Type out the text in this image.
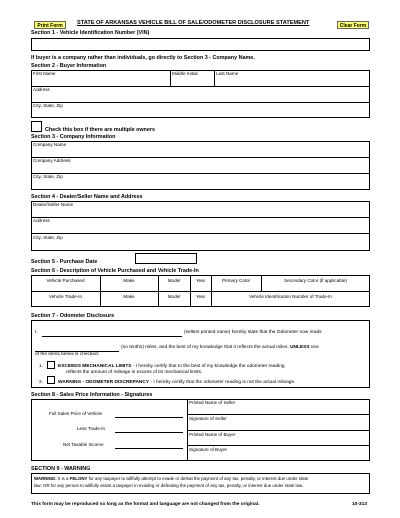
Print Form	STATE OF ARKANSAS VEHICLE BILL OF SALE/ODOMETER DISCLOSURE STATEMENT	Clear Form
Section 1 - Vehicle Identification Number (VIN)
If buyer is a company rather than individuals, go directly to Section 3 - Company Name.
Section 2 - Buyer Information
First Name	Middle Initial	Last Name
Address
City, State, Zip
Check this box if there are multiple owners
Section 3 - Company Information
Company Name
Company Address
City, State, Zip
Section 4 - Dealer/Seller Name and Address
Dealer/Seller Name
Address
City, State, Zip
Section 5 - Purchase Date
Section 6 - Description of Vehicle Purchased and Vehicle Trade-In
Vehicle Purchased	Make	Model	Year	Primary Color	Secondary Color (if applicable)
Vehicle Trade-In	Make	Model	Year	Vehicle Identification Number of Trade-In
Section 7 - Odometer Disclosure
I,	(sellers printed name) hereby state that the Odometer now reads
(no tenths) miles, and the best of my knowledge that it reflects the actual miles, UNLESS one
of the items below is checked:
1.	EXCEEDS MECHANICAL LIMITS - I hereby certify that to the best of my knowledge the odometer reading
reflects the amount of mileage in excess of its mechanical limits.
2.	WARNING - ODOMETER DISCREPANCY - I hereby certify that the odometer reading is not the actual mileage.
Section 8 - Sales Price Information - Signatures
Full Sales Price of Vehicle
Less Trade-In
Net Taxable Income
Printed Name of Seller
Signature of Seller
Printed Name of Buyer
Signature of Buyer
SECTION 9 - WARNING
WARNING: It is a FELONY for any taxpayer to willfully attempt to evade or defeat the payment of any tax, penalty, or interest due under state
law; OR for any person to willfully assist a taxpayer in evading or defeating the payment of any tax, penalty, or interest due under state law.
This form may be reproduced so long as the format and language are not changed from the original.	10-313
